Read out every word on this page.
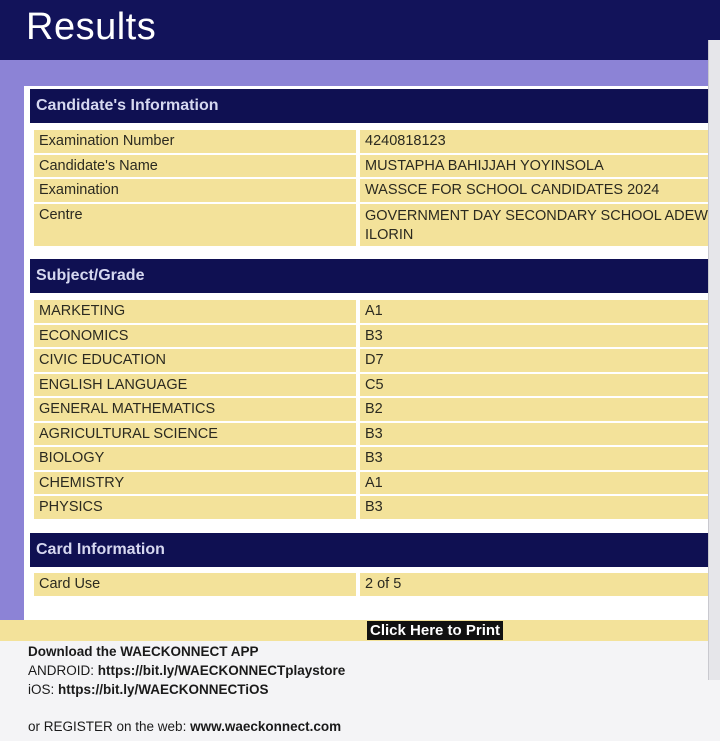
Results
Candidate's Information
Examination Number	4240818123
Candidate's Name	MUSTAPHA BAHIJJAH YOYINSOLA
Examination	WASSCE FOR SCHOOL CANDIDATES 2024
Centre	GOVERNMENT DAY SECONDARY SCHOOL ADEW ILORIN
Subject/Grade
MARKETING	A1
ECONOMICS	B3
CIVIC EDUCATION	D7
ENGLISH LANGUAGE	C5
GENERAL MATHEMATICS	B2
AGRICULTURAL SCIENCE	B3
BIOLOGY	B3
CHEMISTRY	A1
PHYSICS	B3
Card Information
Card Use	2 of 5
Click Here to Print
Download the WAECKONNECT APP
ANDROID: https://bit.ly/WAECKONNECTplaystore
iOS: https://bit.ly/WAECKONNECTiOS
or REGISTER on the web: www.waeckonnect.com
